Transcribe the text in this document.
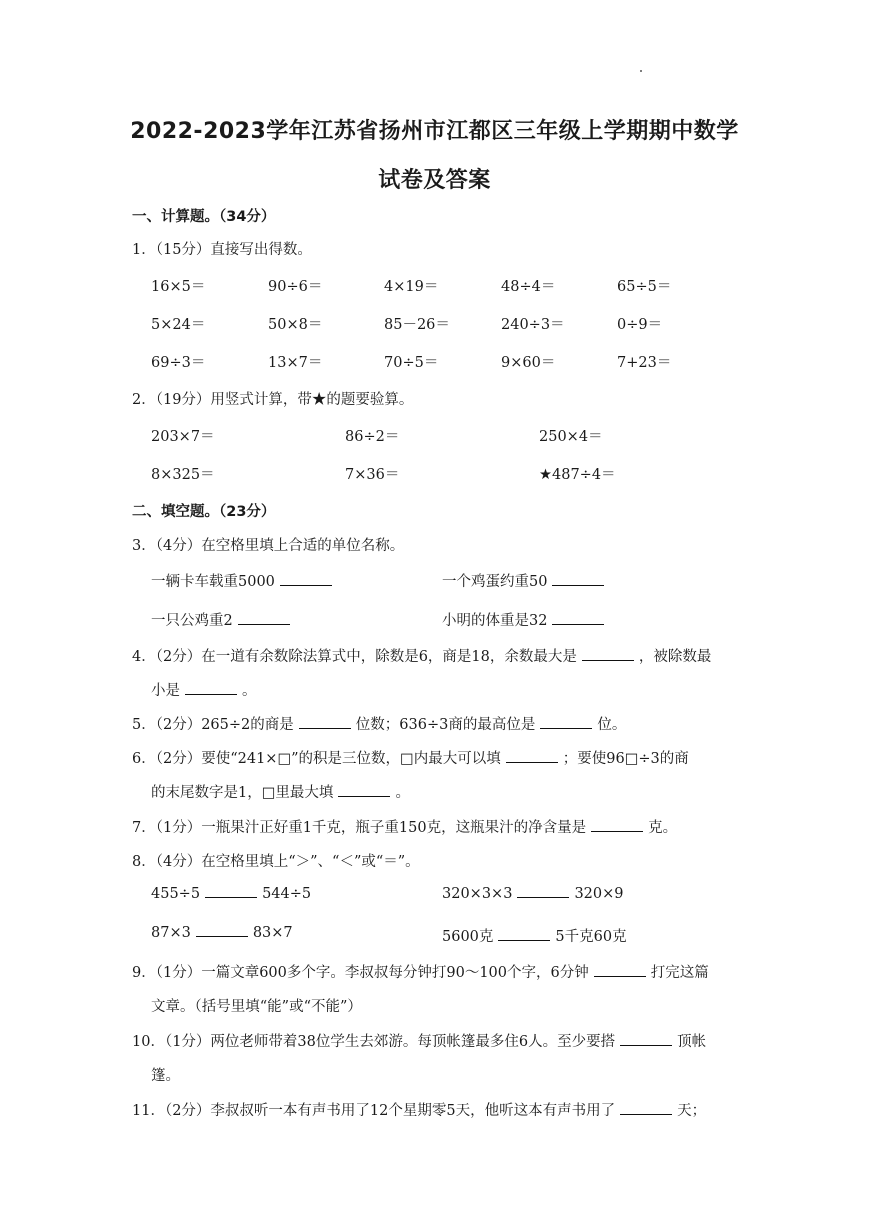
2022-2023学年江苏省扬州市江都区三年级上学期期中数学
试卷及答案
一、计算题。（34分）
1．（15分）直接写出得数。
16×5＝	90÷6＝	4×19＝	48÷4＝	65÷5＝
5×24＝	50×8＝	85－26＝	240÷3＝	0÷9＝
69÷3＝	13×7＝	70÷5＝	9×60＝	7+23＝
2．（19分）用竖式计算，带★的题要验算。
203×7＝	86÷2＝	250×4＝
8×325＝	7×36＝	★487÷4＝
二、填空题。（23分）
3．（4分）在空格里填上合适的单位名称。
一辆卡车载重5000	一个鸡蛋约重50
一只公鸡重2	小明的体重是32
4．（2分）在一道有余数除法算式中，除数是6，商是18，余数最大是	，被除数最
小是	。
5．（2分）265÷2的商是	位数；636÷3商的最高位是	位。
6．（2分）要使“241×□”的积是三位数，□内最大可以填	；要使96□÷3的商
的末尾数字是1，□里最大填	。
7．（1分）一瓶果汁正好重1千克，瓶子重150克，这瓶果汁的净含量是	克。
8．（4分）在空格里填上“＞”、“＜”或“＝”。
455÷5	544÷5	320×3×3	320×9
87×3	83×7	5600克	5千克60克
9．（1分）一篇文章600多个字。李叔叔每分钟打90～100个字，6分钟	打完这篇
文章。（括号里填“能”或“不能”）
10．（1分）两位老师带着38位学生去郊游。每顶帐篷最多住6人。至少要搭	顶帐
篷。
11．（2分）李叔叔听一本有声书用了12个星期零5天，他听这本有声书用了	天；
